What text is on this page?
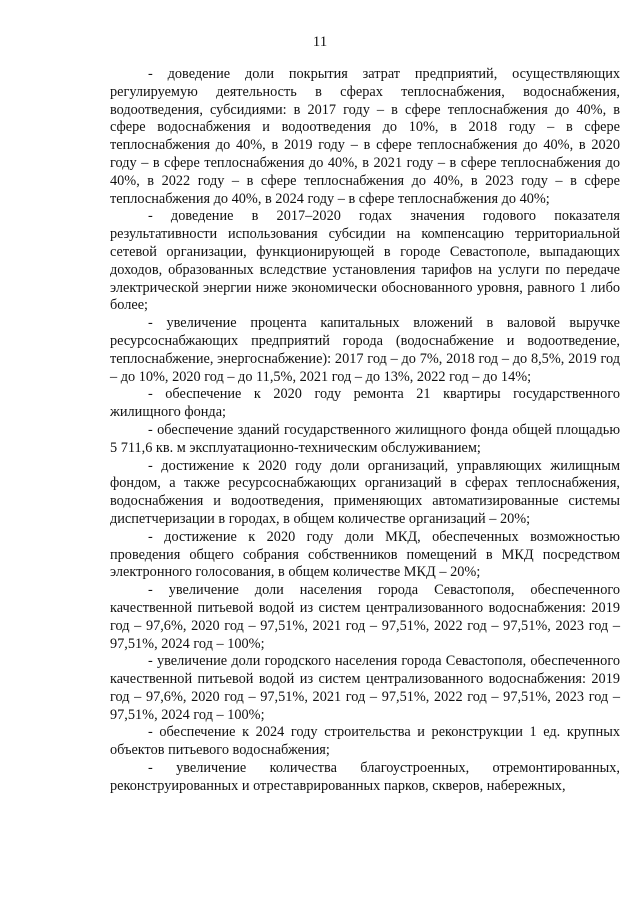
11

- доведение доли покрытия затрат предприятий, осуществляющих регулируемую деятельность в сферах теплоснабжения, водоснабжения, водоотведения, субсидиями: в 2017 году – в сфере теплоснабжения до 40%, в сфере водоснабжения и водоотведения до 10%, в 2018 году – в сфере теплоснабжения до 40%, в 2019 году – в сфере теплоснабжения до 40%, в 2020 году – в сфере теплоснабжения до 40%, в 2021 году – в сфере теплоснабжения до 40%, в 2022 году – в сфере теплоснабжения до 40%, в 2023 году – в сфере теплоснабжения до 40%, в 2024 году – в сфере теплоснабжения до 40%;

- доведение в 2017–2020 годах значения годового показателя результативности использования субсидии на компенсацию территориальной сетевой организации, функционирующей в городе Севастополе, выпадающих доходов, образованных вследствие установления тарифов на услуги по передаче электрической энергии ниже экономически обоснованного уровня, равного 1 либо более;

- увеличение процента капитальных вложений в валовой выручке ресурсоснабжающих предприятий города (водоснабжение и водоотведение, теплоснабжение, энергоснабжение): 2017 год – до 7%, 2018 год – до 8,5%, 2019 год – до 10%, 2020 год – до 11,5%, 2021 год – до 13%, 2022 год – до 14%;

- обеспечение к 2020 году ремонта 21 квартиры государственного жилищного фонда;

- обеспечение зданий государственного жилищного фонда общей площадью 5 711,6 кв. м эксплуатационно-техническим обслуживанием;

- достижение к 2020 году доли организаций, управляющих жилищным фондом, а также ресурсоснабжающих организаций в сферах теплоснабжения, водоснабжения и водоотведения, применяющих автоматизированные системы диспетчеризации в городах, в общем количестве организаций – 20%;

- достижение к 2020 году доли МКД, обеспеченных возможностью проведения общего собрания собственников помещений в МКД посредством электронного голосования, в общем количестве МКД – 20%;

- увеличение доли населения города Севастополя, обеспеченного качественной питьевой водой из систем централизованного водоснабжения: 2019 год – 97,6%, 2020 год – 97,51%, 2021 год – 97,51%, 2022 год – 97,51%, 2023 год – 97,51%, 2024 год – 100%;

- увеличение доли городского населения города Севастополя, обеспеченного качественной питьевой водой из систем централизованного водоснабжения: 2019 год – 97,6%, 2020 год – 97,51%, 2021 год – 97,51%, 2022 год – 97,51%, 2023 год – 97,51%, 2024 год – 100%;

- обеспечение к 2024 году строительства и реконструкции 1 ед. крупных объектов питьевого водоснабжения;

- увеличение количества благоустроенных, отремонтированных, реконструированных и отреставрированных парков, скверов, набережных,
